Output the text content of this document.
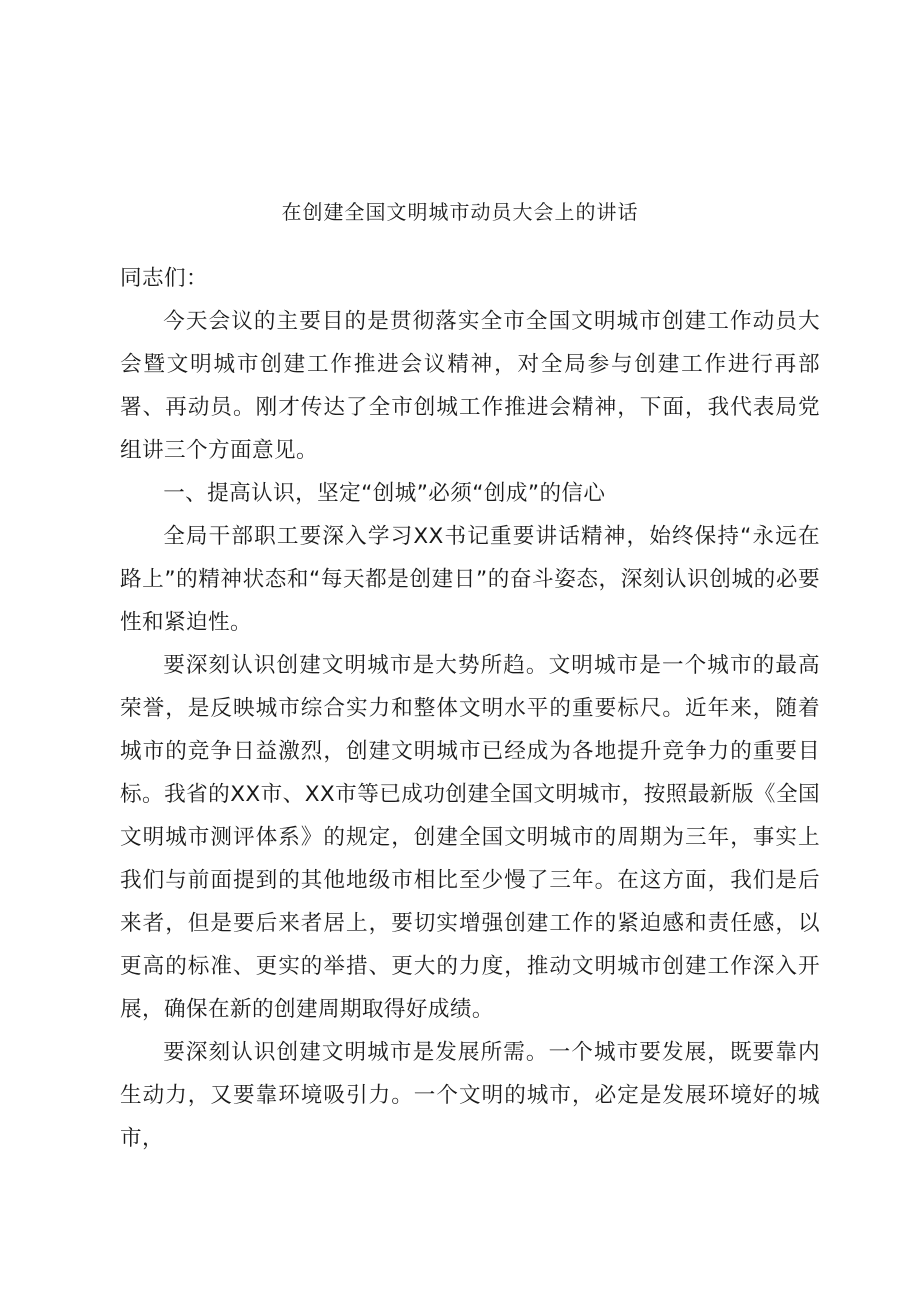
在创建全国文明城市动员大会上的讲话

同志们：

今天会议的主要目的是贯彻落实全市全国文明城市创建工作动员大会暨文明城市创建工作推进会议精神，对全局参与创建工作进行再部署、再动员。刚才传达了全市创城工作推进会精神，下面，我代表局党组讲三个方面意见。

一、提高认识，坚定“创城”必须“创成”的信心

全局干部职工要深入学习XX书记重要讲话精神，始终保持“永远在路上”的精神状态和“每天都是创建日”的奋斗姿态，深刻认识创城的必要性和紧迫性。

要深刻认识创建文明城市是大势所趋。文明城市是一个城市的最高荣誉，是反映城市综合实力和整体文明水平的重要标尺。近年来，随着城市的竞争日益激烈，创建文明城市已经成为各地提升竞争力的重要目标。我省的XX市、XX市等已成功创建全国文明城市，按照最新版《全国文明城市测评体系》的规定，创建全国文明城市的周期为三年，事实上我们与前面提到的其他地级市相比至少慢了三年。在这方面，我们是后来者，但是要后来者居上，要切实增强创建工作的紧迫感和责任感，以更高的标准、更实的举措、更大的力度，推动文明城市创建工作深入开展，确保在新的创建周期取得好成绩。

要深刻认识创建文明城市是发展所需。一个城市要发展，既要靠内生动力，又要靠环境吸引力。一个文明的城市，必定是发展环境好的城市，
